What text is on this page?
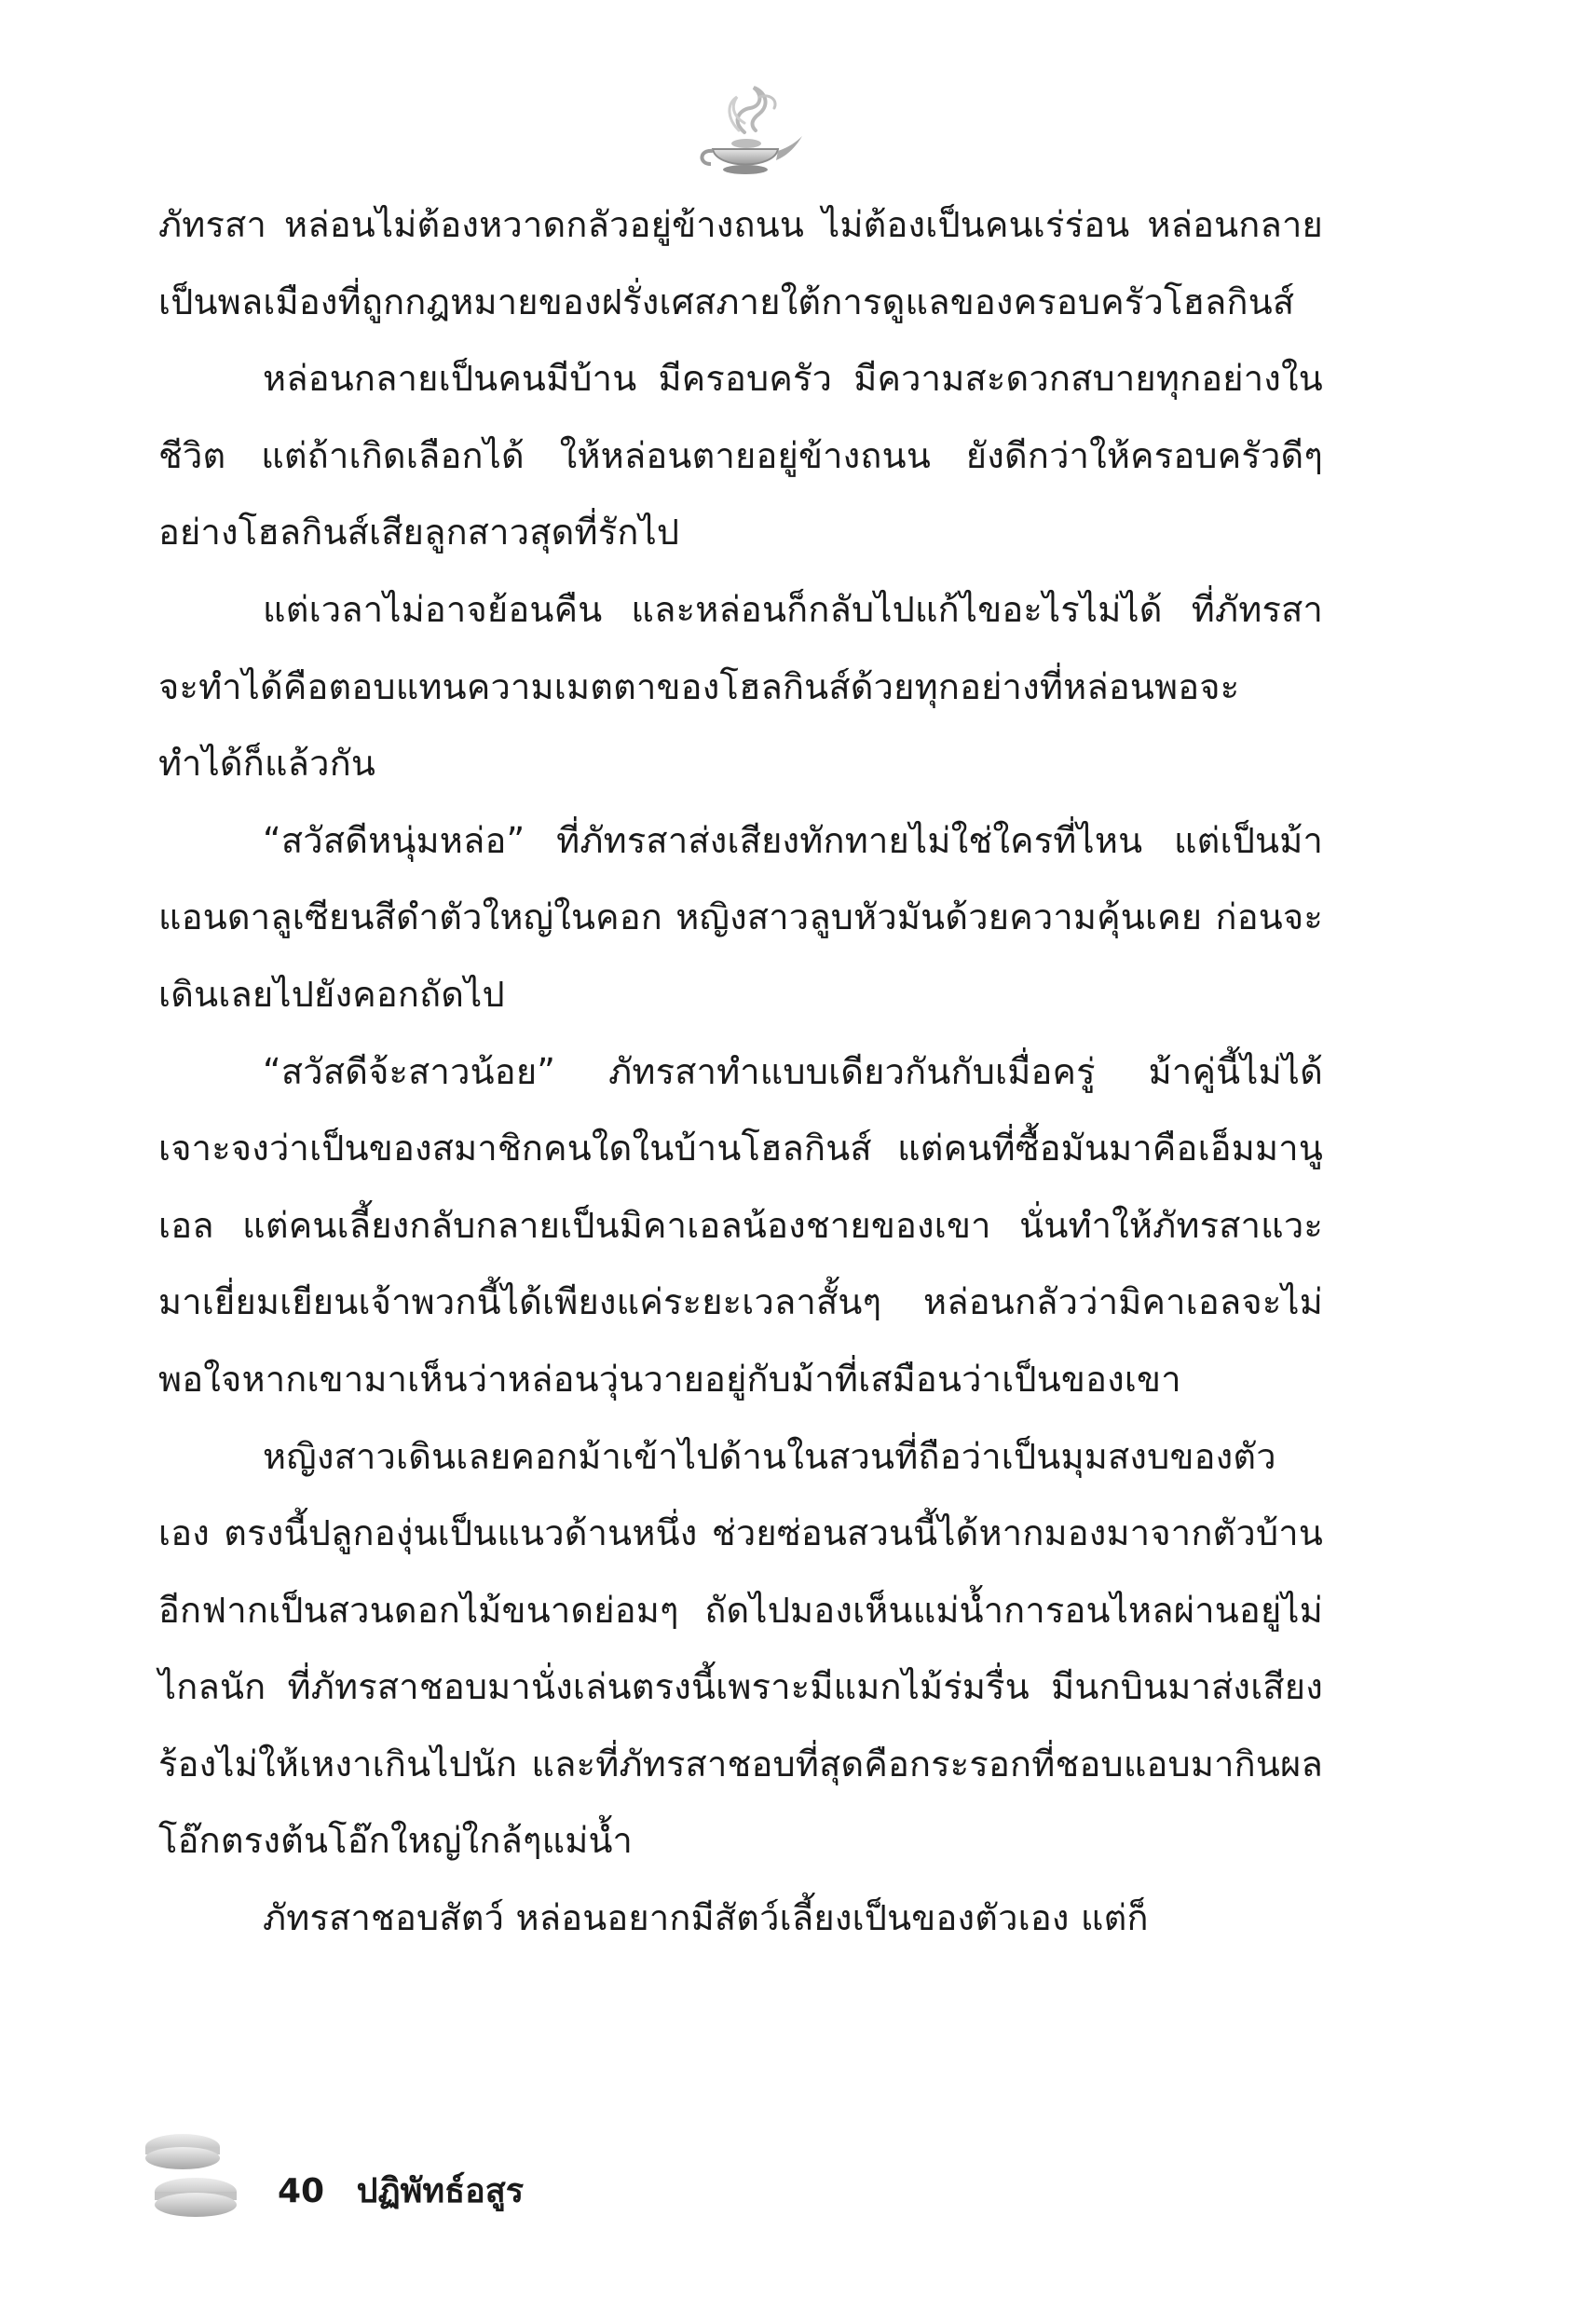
ภัทรสา หล่อนไม่ต้องหวาดกลัวอยู่ข้างถนน ไม่ต้องเป็นคนเร่ร่อน หล่อนกลายเป็นพลเมืองที่ถูกกฎหมายของฝรั่งเศสภายใต้การดูแลของครอบครัวโฮลกินส์

หล่อนกลายเป็นคนมีบ้าน มีครอบครัว มีความสะดวกสบายทุกอย่างในชีวิต แต่ถ้าเกิดเลือกได้ ให้หล่อนตายอยู่ข้างถนน ยังดีกว่าให้ครอบครัวดีๆ อย่างโฮลกินส์เสียลูกสาวสุดที่รักไป

แต่เวลาไม่อาจย้อนคืน และหล่อนก็กลับไปแก้ไขอะไรไม่ได้ ที่ภัทรสาจะทำได้คือตอบแทนความเมตตาของโฮลกินส์ด้วยทุกอย่างที่หล่อนพอจะทำได้ก็แล้วกัน

“สวัสดีหนุ่มหล่อ” ที่ภัทรสาส่งเสียงทักทายไม่ใช่ใครที่ไหน แต่เป็นม้าแอนดาลูเซียนสีดำตัวใหญ่ในคอก หญิงสาวลูบหัวมันด้วยความคุ้นเคย ก่อนจะเดินเลยไปยังคอกถัดไป

“สวัสดีจ้ะสาวน้อย” ภัทรสาทำแบบเดียวกันกับเมื่อครู่ ม้าคู่นี้ไม่ได้เจาะจงว่าเป็นของสมาชิกคนใดในบ้านโฮลกินส์ แต่คนที่ซื้อมันมาคือเอ็มมานูเอล แต่คนเลี้ยงกลับกลายเป็นมิคาเอลน้องชายของเขา นั่นทำให้ภัทรสาแวะมาเยี่ยมเยียนเจ้าพวกนี้ได้เพียงแค่ระยะเวลาสั้นๆ หล่อนกลัวว่ามิคาเอลจะไม่พอใจหากเขามาเห็นว่าหล่อนวุ่นวายอยู่กับม้าที่เสมือนว่าเป็นของเขา

หญิงสาวเดินเลยคอกม้าเข้าไปด้านในสวนที่ถือว่าเป็นมุมสงบของตัวเอง ตรงนี้ปลูกองุ่นเป็นแนวด้านหนึ่ง ช่วยซ่อนสวนนี้ได้หากมองมาจากตัวบ้าน อีกฟากเป็นสวนดอกไม้ขนาดย่อมๆ ถัดไปมองเห็นแม่น้ำการอนไหลผ่านอยู่ไม่ไกลนัก ที่ภัทรสาชอบมานั่งเล่นตรงนี้เพราะมีแมกไม้ร่มรื่น มีนกบินมาส่งเสียงร้องไม่ให้เหงาเกินไปนัก และที่ภัทรสาชอบที่สุดคือกระรอกที่ชอบแอบมากินผลโอ๊กตรงต้นโอ๊กใหญ่ใกล้ๆแม่น้ำ

ภัทรสาชอบสัตว์ หล่อนอยากมีสัตว์เลี้ยงเป็นของตัวเอง แต่ก็

40 ปฏิพัทธ์อสูร
